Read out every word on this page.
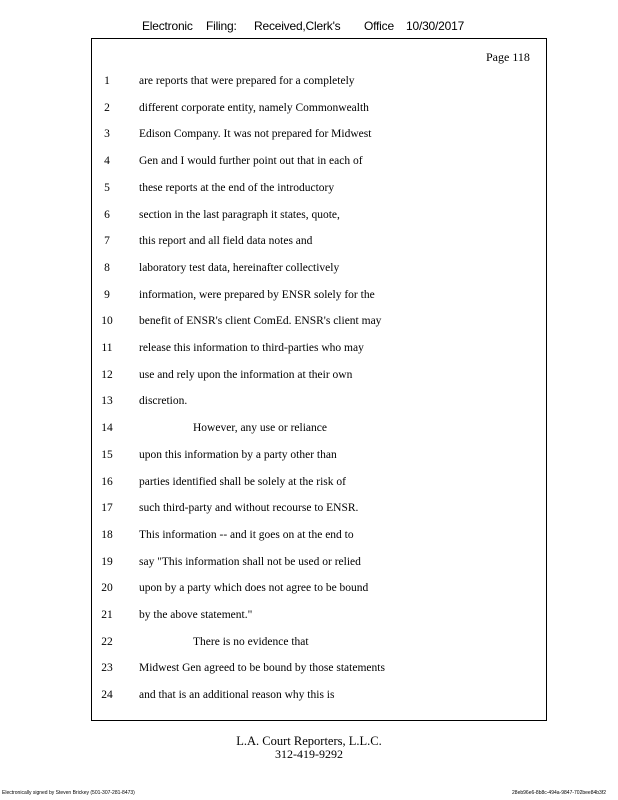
Electronic Filing: Received,Clerk's Office 10/30/2017
Page 118
1	are reports that were prepared for a completely
2	different corporate entity, namely Commonwealth
3	Edison Company. It was not prepared for Midwest
4	Gen and I would further point out that in each of
5	these reports at the end of the introductory
6	section in the last paragraph it states, quote,
7	this report and all field data notes and
8	laboratory test data, hereinafter collectively
9	information, were prepared by ENSR solely for the
10	benefit of ENSR's client ComEd. ENSR's client may
11	release this information to third-parties who may
12	use and rely upon the information at their own
13	discretion.
14	However, any use or reliance
15	upon this information by a party other than
16	parties identified shall be solely at the risk of
17	such third-party and without recourse to ENSR.
18	This information -- and it goes on at the end to
19	say "This information shall not be used or relied
20	upon by a party which does not agree to be bound
21	by the above statement."
22	There is no evidence that
23	Midwest Gen agreed to be bound by those statements
24	and that is an additional reason why this is
L.A. Court Reporters, L.L.C.
312-419-9292
Electronically signed by Steven Brickey (501-307-281-8473)	28eb96e6-8b8c-494a-9847-702bee84b3f2
